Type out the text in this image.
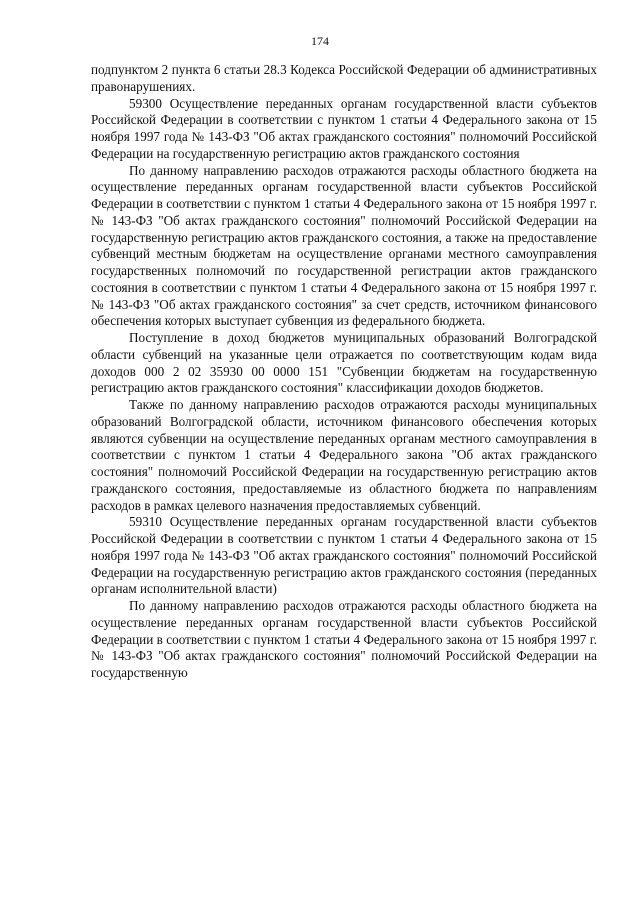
174

подпунктом 2 пункта 6 статьи 28.3 Кодекса Российской Федерации об административных правонарушениях.

59300 Осуществление переданных органам государственной власти субъектов Российской Федерации в соответствии с пунктом 1 статьи 4 Федерального закона от 15 ноября 1997 года № 143-ФЗ "Об актах гражданского состояния" полномочий Российской Федерации на государственную регистрацию актов гражданского состояния

По данному направлению расходов отражаются расходы областного бюджета на осуществление переданных органам государственной власти субъектов Российской Федерации в соответствии с пунктом 1 статьи 4 Федерального закона от 15 ноября 1997 г. № 143-ФЗ "Об актах гражданского состояния" полномочий Российской Федерации на государственную регистрацию актов гражданского состояния, а также на предоставление субвенций местным бюджетам на осуществление органами местного самоуправления государственных полномочий по государственной регистрации актов гражданского состояния в соответствии с пунктом 1 статьи 4 Федерального закона от 15 ноября 1997 г. № 143-ФЗ "Об актах гражданского состояния" за счет средств, источником финансового обеспечения которых выступает субвенция из федерального бюджета.

Поступление в доход бюджетов муниципальных образований Волгоградской области субвенций на указанные цели отражается по соответствующим кодам вида доходов 000 2 02 35930 00 0000 151 "Субвенции бюджетам на государственную регистрацию актов гражданского состояния" классификации доходов бюджетов.

Также по данному направлению расходов отражаются расходы муниципальных образований Волгоградской области, источником финансового обеспечения которых являются субвенции на осуществление переданных органам местного самоуправления в соответствии с пунктом 1 статьи 4 Федерального закона "Об актах гражданского состояния" полномочий Российской Федерации на государственную регистрацию актов гражданского состояния, предоставляемые из областного бюджета по направлениям расходов в рамках целевого назначения предоставляемых субвенций.

59310 Осуществление переданных органам государственной власти субъектов Российской Федерации в соответствии с пунктом 1 статьи 4 Федерального закона от 15 ноября 1997 года № 143-ФЗ "Об актах гражданского состояния" полномочий Российской Федерации на государственную регистрацию актов гражданского состояния (переданных органам исполнительной власти)

По данному направлению расходов отражаются расходы областного бюджета на осуществление переданных органам государственной власти субъектов Российской Федерации в соответствии с пунктом 1 статьи 4 Федерального закона от 15 ноября 1997 г. № 143-ФЗ "Об актах гражданского состояния" полномочий Российской Федерации на государственную
